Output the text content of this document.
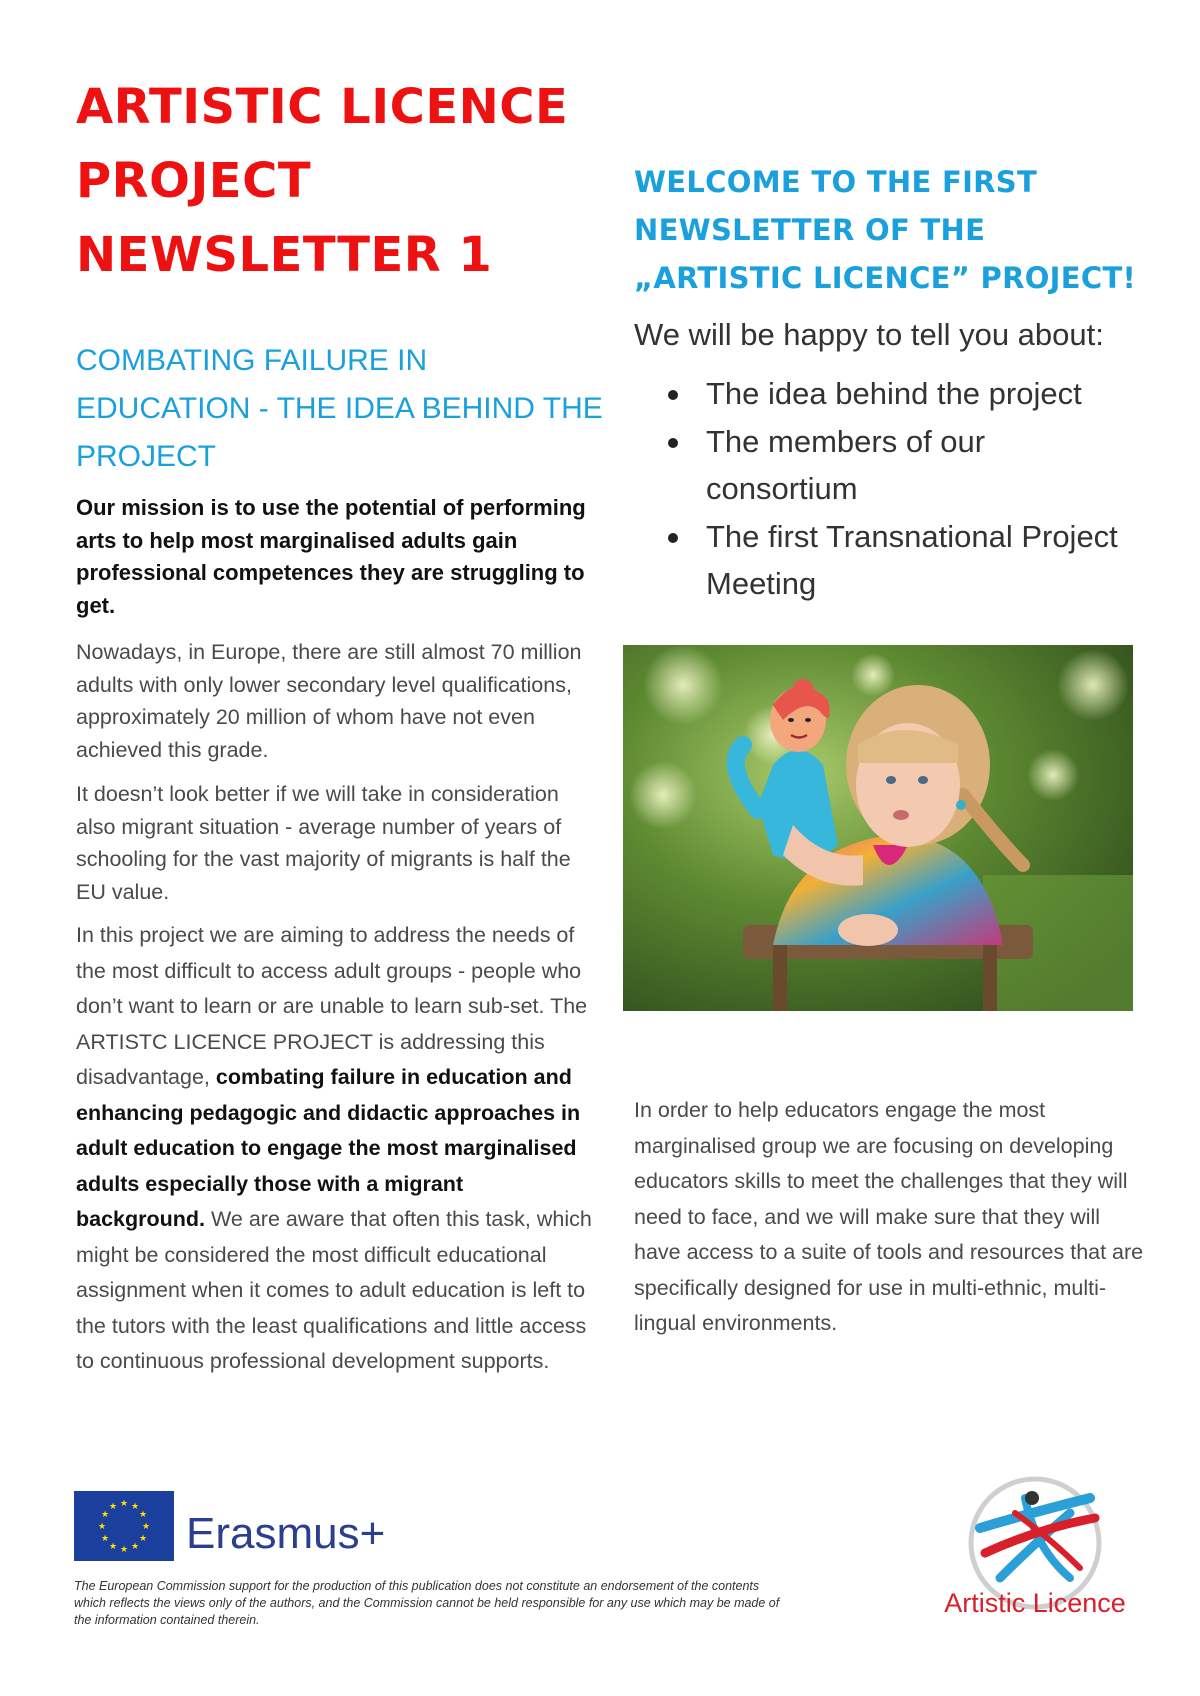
ARTISTIC LICENCE
PROJECT
NEWSLETTER 1
COMBATING FAILURE IN EDUCATION - THE IDEA BEHIND THE PROJECT

Our mission is to use the potential of performing arts to help most marginalised adults gain professional competences they are struggling to get.

Nowadays, in Europe, there are still almost 70 million adults with only lower secondary level qualifications, approximately 20 million of whom have not even achieved this grade.

It doesn’t look better if we will take in consideration also migrant situation - average number of years of schooling for the vast majority of migrants is half the EU value.

In this project we are aiming to address the needs of the most difficult to access adult groups - people who don’t want to learn or are unable to learn sub-set. The ARTISTC LICENCE PROJECT is addressing this disadvantage, combating failure in education and enhancing pedagogic and didactic approaches in adult education to engage the most marginalised adults especially those with a migrant background. We are aware that often this task, which might be considered the most difficult educational assignment when it comes to adult education is left to the tutors with the least qualifications and little access to continuous professional development supports.

WELCOME TO THE FIRST
NEWSLETTER OF THE
„ARTISTIC LICENCE” PROJECT!

We will be happy to tell you about:

The idea behind the project
The members of our consortium
The first Transnational Project Meeting

In order to help educators engage the most marginalised group we are focusing on developing educators skills to meet the challenges that they will need to face, and we will make sure that they will have access to a suite of tools and resources that are specifically designed for use in multi-ethnic, multi-lingual environments.

★ ★
★
★
★
★
★
★
★
★
★
★
Erasmus+

The European Commission support for the production of this publication does not constitute an endorsement of the contents which reflects the views only of the authors, and the Commission cannot be held responsible for any use which may be made of the information contained therein.

Artistic Licence
